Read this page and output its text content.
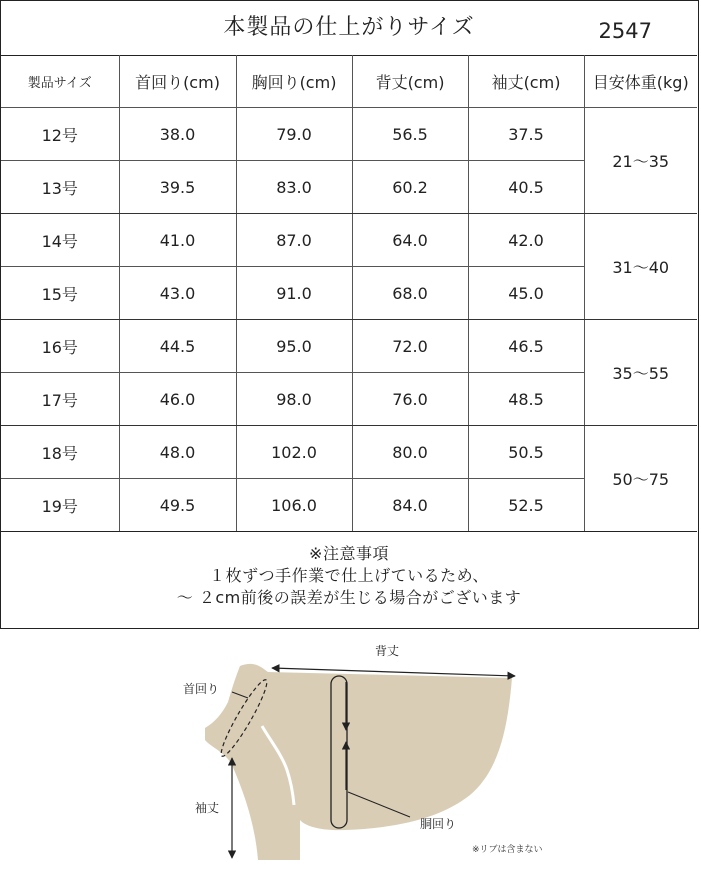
本製品の仕上がりサイズ	2547
製品サイズ	首回り(cm)	胸回り(cm)	背丈(cm)	袖丈(cm)	目安体重(kg)
12号	38.0	79.0	56.5	37.5	21～35
13号	39.5	83.0	60.2	40.5	
14号	41.0	87.0	64.0	42.0	31～40
15号	43.0	91.0	68.0	45.0	
16号	44.5	95.0	72.0	46.5	35～55
17号	46.0	98.0	76.0	48.5	
18号	48.0	102.0	80.0	50.5	50～75
19号	49.5	106.0	84.0	52.5	
※注意事項
１枚ずつ手作業で仕上げているため、
～ ２cm前後の誤差が生じる場合がございます
背丈
首回り
袖丈
胴回り
※リブは含まない
